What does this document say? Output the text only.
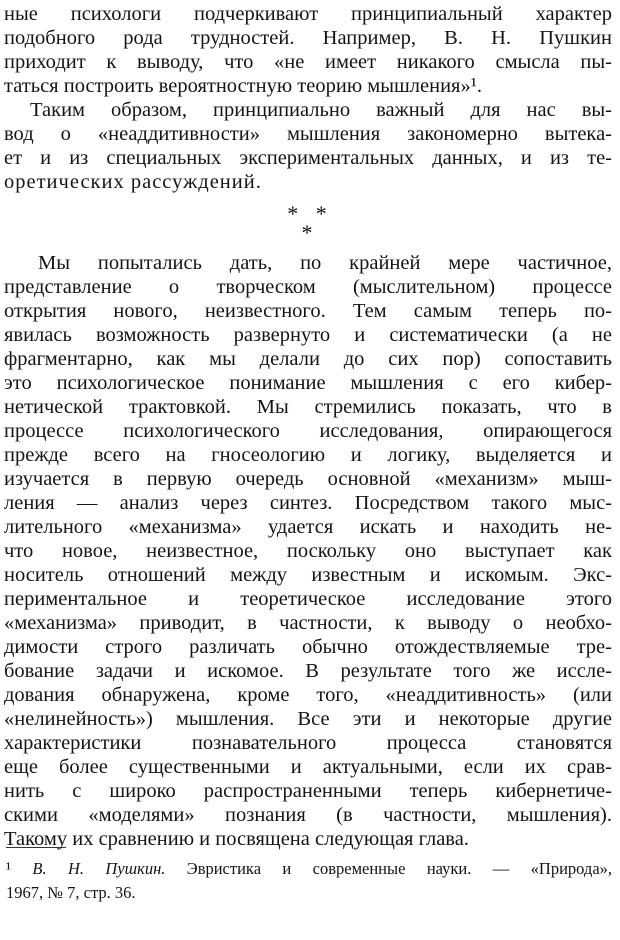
ные психологи подчеркивают принципиальный характер
подобного рода трудностей. Например, В. Н. Пушкин
приходит к выводу, что «не имеет никакого смысла пы-
таться построить вероятностную теорию мышления»¹.
Таким образом, принципиально важный для нас вы-
вод о «неаддитивности» мышления закономерно вытека-
ет и из специальных экспериментальных данных, и из те-
оретических рассуждений.
* *
*
Мы попытались дать, по крайней мере частичное,
представление о творческом (мыслительном) процессе
открытия нового, неизвестного. Тем самым теперь по-
явилась возможность развернуто и систематически (а не
фрагментарно, как мы делали до сих пор) сопоставить
это психологическое понимание мышления с его кибер-
нетической трактовкой. Мы стремились показать, что в
процессе психологического исследования, опирающегося
прежде всего на гносеологию и логику, выделяется и
изучается в первую очередь основной «механизм» мыш-
ления — анализ через синтез. Посредством такого мыс-
лительного «механизма» удается искать и находить не-
что новое, неизвестное, поскольку оно выступает как
носитель отношений между известным и искомым. Экс-
периментальное и теоретическое исследование этого
«механизма» приводит, в частности, к выводу о необхо-
димости строго различать обычно отождествляемые тре-
бование задачи и искомое. В результате того же иссле-
дования обнаружена, кроме того, «неаддитивность» (или
«нелинейность») мышления. Все эти и некоторые другие
характеристики познавательного процесса становятся
еще более существенными и актуальными, если их срав-
нить с широко распространенными теперь кибернетиче-
скими «моделями» познания (в частности, мышления).
Такому их сравнению и посвящена следующая глава.
¹ В. Н. Пушкин. Эвристика и современные науки. — «Природа»,
1967, № 7, стр. 36.
